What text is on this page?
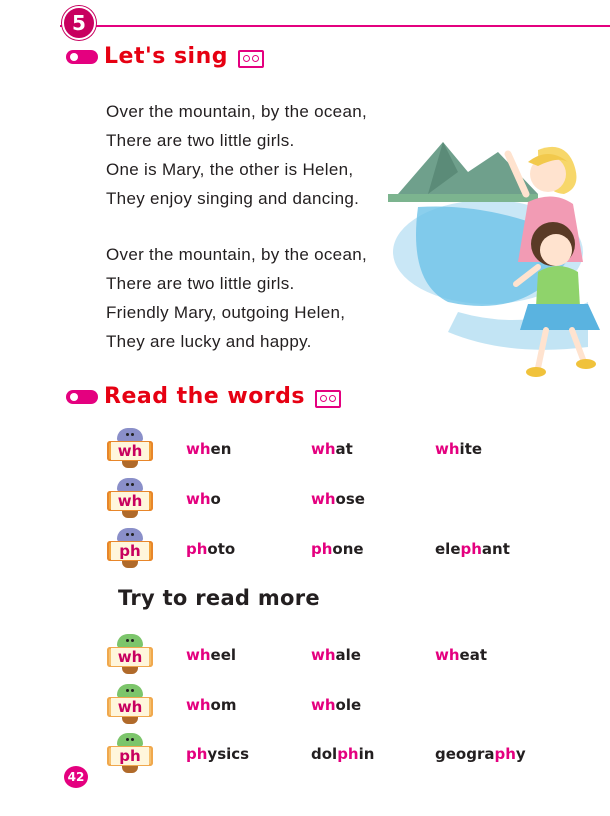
5
Let's sing
Over the mountain, by the ocean,
There are two little girls.
One is Mary, the other is Helen,
They enjoy singing and dancing.
Over the mountain, by the ocean,
There are two little girls.
Friendly Mary, outgoing Helen,
They are lucky and happy.
Read the words
wh	when	what	white
wh	who	whose
ph	photo	phone	elephant
Try to read more
wh	wheel	whale	wheat
wh	whom	whole
ph	physics	dolphin	geography
42
